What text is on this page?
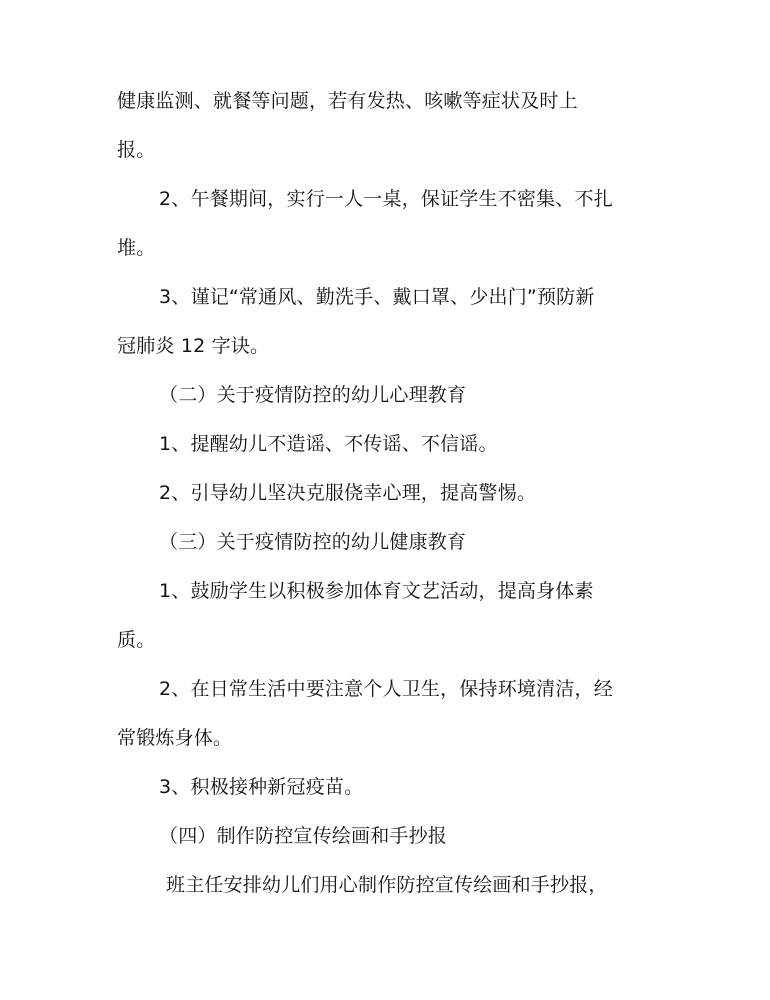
健康监测、就餐等问题，若有发热、咳嗽等症状及时上
报。
2、午餐期间，实行一人一桌，保证学生不密集、不扎
堆。
3、谨记“常通风、勤洗手、戴口罩、少出门”预防新
冠肺炎 12 字诀。
（二）关于疫情防控的幼儿心理教育
1、提醒幼儿不造谣、不传谣、不信谣。
2、引导幼儿坚决克服侥幸心理，提高警惕。
（三）关于疫情防控的幼儿健康教育
1、鼓励学生以积极参加体育文艺活动，提高身体素
质。
2、在日常生活中要注意个人卫生，保持环境清洁，经
常锻炼身体。
3、积极接种新冠疫苗。
（四）制作防控宣传绘画和手抄报
班主任安排幼儿们用心制作防控宣传绘画和手抄报，
